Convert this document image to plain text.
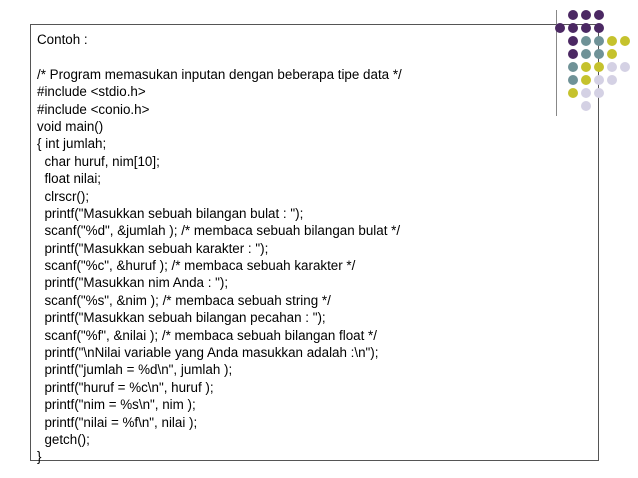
Contoh :
/* Program memasukan inputan dengan beberapa tipe data */
#include <stdio.h>
#include <conio.h>
void main()
{ int jumlah;
char huruf, nim[10];
float nilai;
clrscr();
printf("Masukkan sebuah bilangan bulat : ");
scanf("%d", &jumlah ); /* membaca sebuah bilangan bulat */
printf("Masukkan sebuah karakter : ");
scanf("%c", &huruf ); /* membaca sebuah karakter */
printf("Masukkan nim Anda : ");
scanf("%s", &nim ); /* membaca sebuah string */
printf("Masukkan sebuah bilangan pecahan : ");
scanf("%f", &nilai ); /* membaca sebuah bilangan float */
printf("\nNilai variable yang Anda masukkan adalah :\n");
printf("jumlah = %d\n", jumlah );
printf("huruf = %c\n", huruf );
printf("nim = %s\n", nim );
printf("nilai = %f\n", nilai );
getch();
}
